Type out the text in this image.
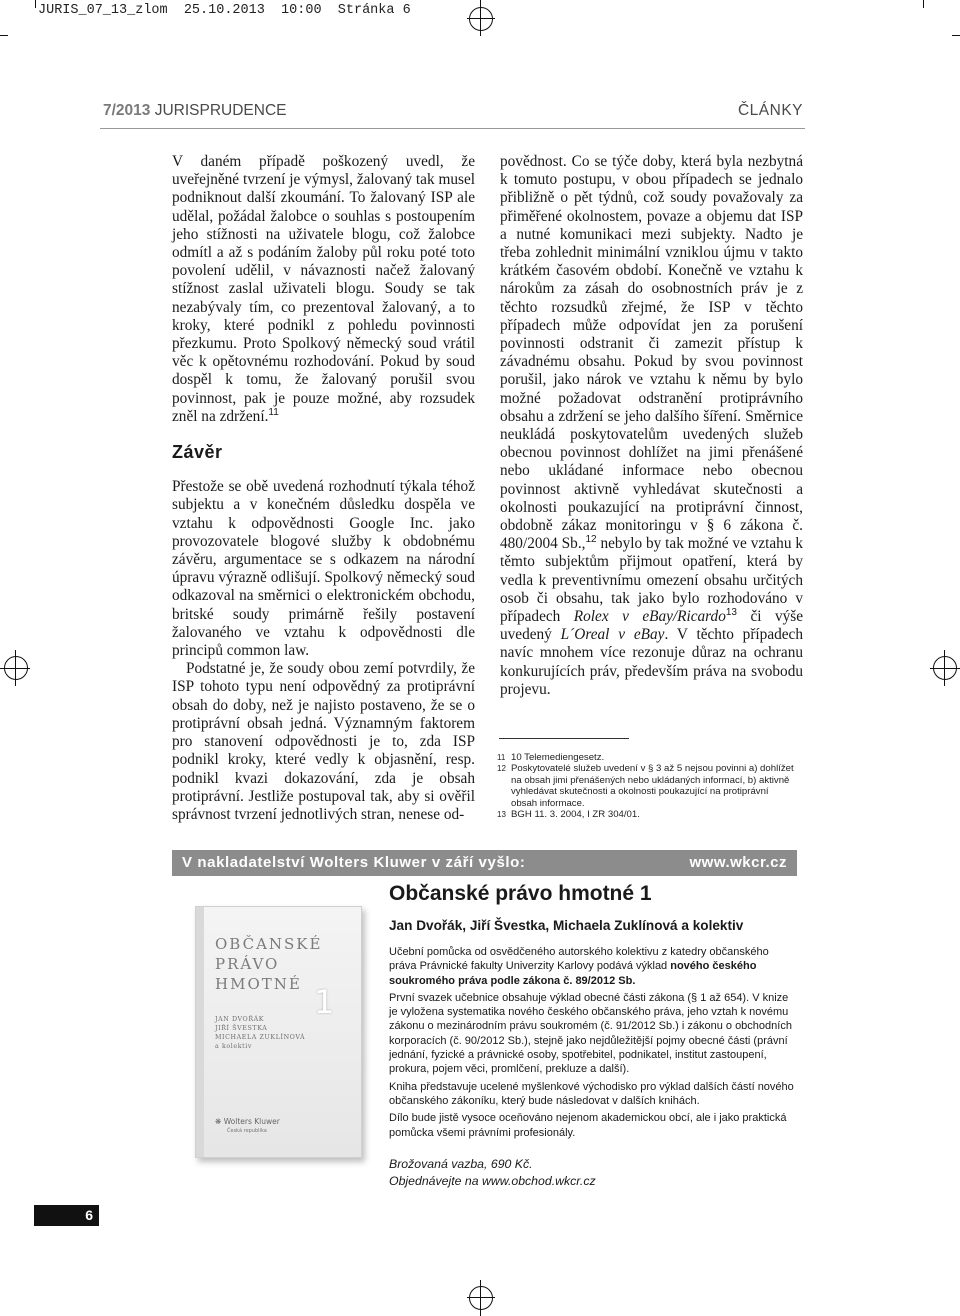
JURIS_07_13_zlom 25.10.2013 10:00 Stránka 6
7/2013 JURISPRUDENCE	ČLÁNKY

V daném případě poškozený uvedl, že uveřejněné tvrzení je výmysl, žalovaný tak musel podniknout další zkoumání. To žalovaný ISP ale udělal, požádal žalobce o souhlas s postoupením jeho stížnosti na uživatele blogu, což žalobce odmítl a až s podáním žaloby půl roku poté toto povolení udělil, v návaznosti načež žalovaný stížnost zaslal uživateli blogu. Soudy se tak nezabývaly tím, co prezentoval žalovaný, a to kroky, které podnikl z pohledu povinnosti přezkumu. Proto Spolkový německý soud vrátil věc k opětovnému rozhodování. Pokud by soud dospěl k tomu, že žalovaný porušil svou povinnost, pak je pouze možné, aby rozsudek zněl na zdržení.$^{11}$

Závěr

Přestože se obě uvedená rozhodnutí týkala téhož subjektu a v konečném důsledku dospěla ve vztahu k odpovědnosti Google Inc. jako provozovatele blogové služby k obdobnému závěru, argumentace se s odkazem na národní úpravu výrazně odlišují. Spolkový německý soud odkazoval na směrnici o elektronickém obchodu, britské soudy primárně řešily postavení žalovaného ve vztahu k odpovědnosti dle principů common law.

Podstatné je, že soudy obou zemí potvrdily, že ISP tohoto typu není odpovědný za protiprávní obsah do doby, než je najisto postaveno, že se o protiprávní obsah jedná. Významným faktorem pro stanovení odpovědnosti je to, zda ISP podnikl kroky, které vedly k objasnění, resp. podnikl kvazi dokazování, zda je obsah protiprávní. Jestliže postupoval tak, aby si ověřil správnost tvrzení jednotlivých stran, nenese od-

povědnost. Co se týče doby, která byla nezbytná k tomuto postupu, v obou případech se jednalo přibližně o pět týdnů, což soudy považovaly za přiměřené okolnostem, povaze a objemu dat ISP a nutné komunikaci mezi subjekty. Nadto je třeba zohlednit minimální vzniklou újmu v takto krátkém časovém období. Konečně ve vztahu k nárokům za zásah do osobnostních práv je z těchto rozsudků zřejmé, že ISP v těchto případech může odpovídat jen za porušení povinnosti odstranit či zamezit přístup k závadnému obsahu. Pokud by svou povinnost porušil, jako nárok ve vztahu k němu by bylo možné požadovat odstranění protiprávního obsahu a zdržení se jeho dalšího šíření. Směrnice neukládá poskytovatelům uvedených služeb obecnou povinnost dohlížet na jimi přenášené nebo ukládané informace nebo obecnou povinnost aktivně vyhledávat skutečnosti a okolnosti poukazující na protiprávní činnost, obdobně zákaz monitoringu v § 6 zákona č. 480/2004 Sb.,$^{12}$ nebylo by tak možné ve vztahu k těmto subjektům přijmout opatření, která by vedla k preventivnímu omezení obsahu určitých osob či obsahu, tak jako bylo rozhodováno v případech Rolex v eBay/Ricardo$^{13}$ či výše uvedený L´Oreal v eBay. V těchto případech navíc mnohem více rezonuje důraz na ochranu konkurujících práv, především práva na svobodu projevu.

11 10 Telemediengesetz.
12 Poskytovatelé služeb uvedení v § 3 až 5 nejsou povinni a) dohlížet na obsah jimi přenášených nebo ukládaných informací, b) aktivně vyhledávat skutečnosti a okolnosti poukazující na protiprávní obsah informace.
13 BGH 11. 3. 2004, I ZR 304/01.
V nakladatelství Wolters Kluwer v září vyšlo:	www.wkcr.cz
OBČANSKÉ
PRÁVO
HMOTNÉ 1
JAN DVOŘÁK
JIŘÍ ŠVESTKA
MICHAELA ZUKLÍNOVÁ
a kolektiv
❋ Wolters Kluwer
Česká republika
Občanské právo hmotné 1
Jan Dvořák, Jiří Švestka, Michaela Zuklínová a kolektiv

Učební pomůcka od osvědčeného autorského kolektivu z katedry občanského práva Právnické fakulty Univerzity Karlovy podává výklad nového českého soukromého práva podle zákona č. 89/2012 Sb.

První svazek učebnice obsahuje výklad obecné části zákona (§ 1 až 654). V knize je vyložena systematika nového českého občanského práva, jeho vztah k novému zákonu o mezinárodním právu soukromém (č. 91/2012 Sb.) i zákonu o obchodních korporacích (č. 90/2012 Sb.), stejně jako nejdůležitější pojmy obecné části (právní jednání, fyzické a právnické osoby, spotřebitel, podnikatel, institut zastoupení, prokura, pojem věci, promlčení, prekluze a další).

Kniha představuje ucelené myšlenkové východisko pro výklad dalších částí nového občanského zákoníku, který bude následovat v dalších knihách.

Dílo bude jistě vysoce oceňováno nejenom akademickou obcí, ale i jako praktická pomůcka všemi právními profesionály.

Brožovaná vazba, 690 Kč.
Objednávejte na www.obchod.wkcr.cz
6
